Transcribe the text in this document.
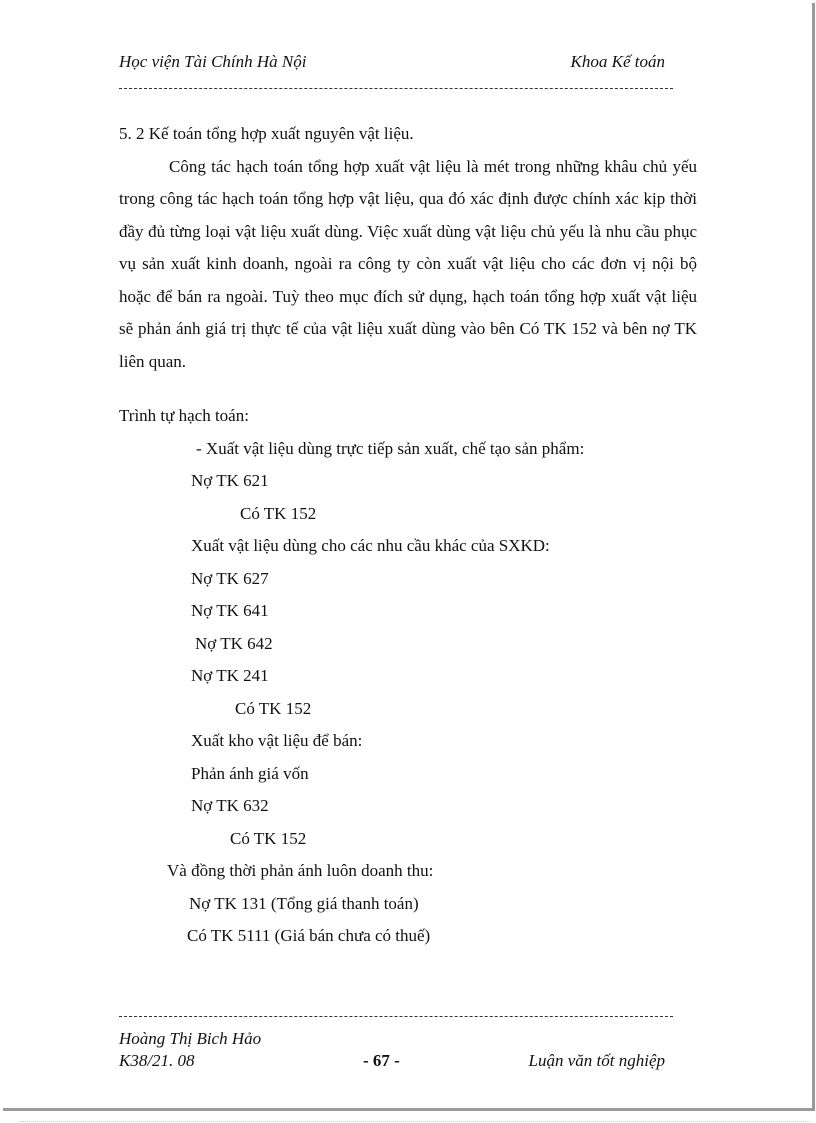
Học viện Tài Chính Hà Nội	Khoa Kế toán

5. 2 Kế toán tổng hợp xuất nguyên vật liệu.

Công tác hạch toán tổng hợp xuất vật liệu là mét trong những khâu chủ yếu trong công tác hạch toán tổng hợp vật liệu, qua đó xác định được chính xác kịp thời đầy đủ từng loại vật liệu xuất dùng. Việc xuất dùng vật liệu chủ yếu là nhu cầu phục vụ sản xuất kinh doanh, ngoài ra công ty còn xuất vật liệu cho các đơn vị nội bộ hoặc để bán ra ngoài. Tuỳ theo mục đích sử dụng, hạch toán tổng hợp xuất vật liệu sẽ phản ánh giá trị thực tế của vật liệu xuất dùng vào bên Có TK 152 và bên nợ TK liên quan.

Trình tự hạch toán:

- Xuất vật liệu dùng trực tiếp sản xuất, chế tạo sản phẩm:

Nợ TK 621

Có TK 152

Xuất vật liệu dùng cho các nhu cầu khác của SXKD:

Nợ TK 627

Nợ TK 641

Nợ TK 642

Nợ TK 241

Có TK 152

Xuất kho vật liệu để bán:

Phản ánh giá vốn

Nợ TK 632

Có TK 152

Và đồng thời phản ánh luôn doanh thu:

Nợ TK 131 (Tổng giá thanh toán)

Có TK 5111 (Giá bán chưa có thuế)

Hoàng Thị Bich Hảo
K38/21. 08	- 67 -	Luận văn tốt nghiệp
